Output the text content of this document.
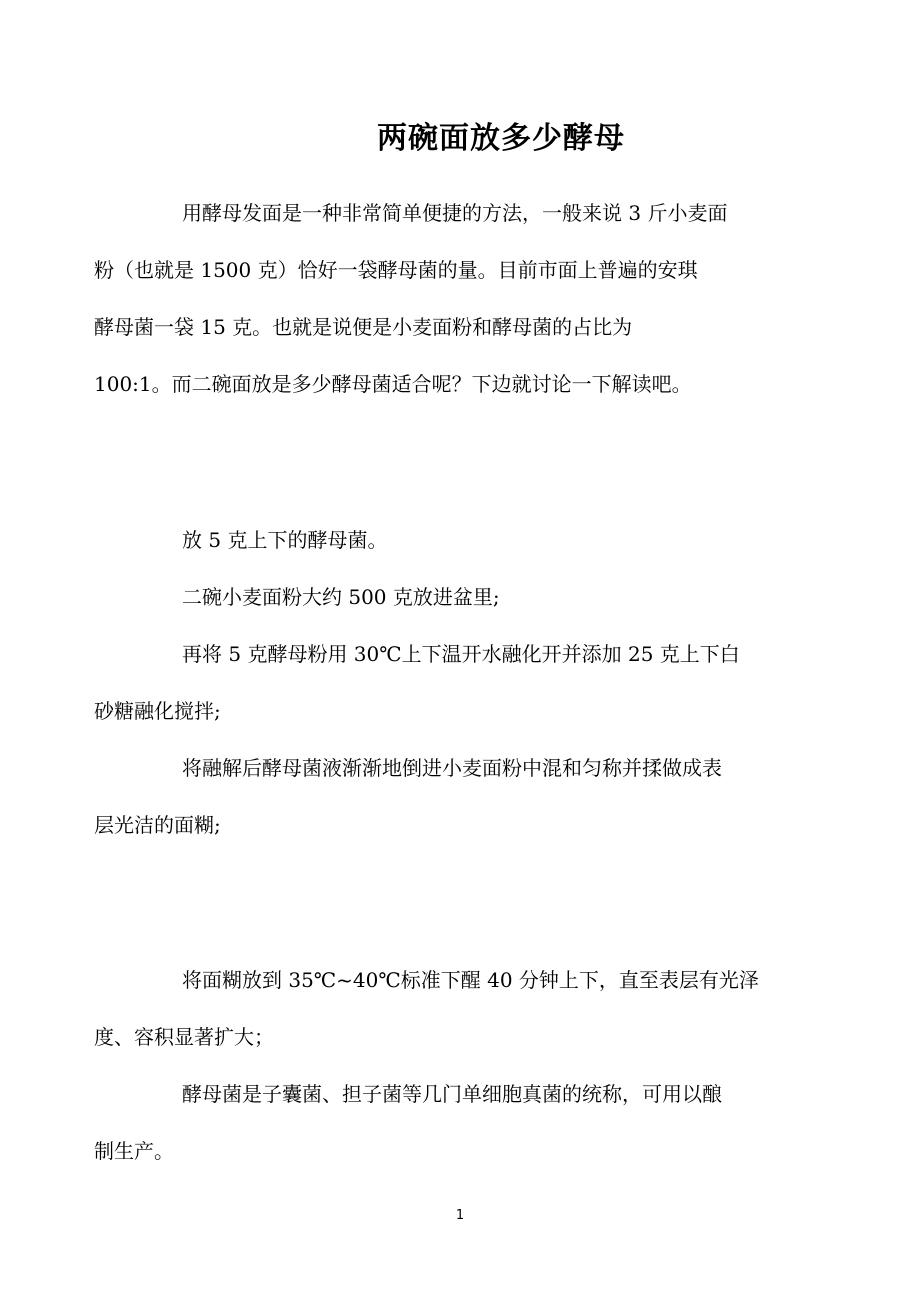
两碗面放多少酵母
用酵母发面是一种非常简单便捷的方法，一般来说 3 斤小麦面
粉（也就是 1500 克）恰好一袋酵母菌的量。目前市面上普遍的安琪
酵母菌一袋 15 克。也就是说便是小麦面粉和酵母菌的占比为
100:1。而二碗面放是多少酵母菌适合呢？下边就讨论一下解读吧。
放 5 克上下的酵母菌。
二碗小麦面粉大约 500 克放进盆里;
再将 5 克酵母粉用 30℃上下温开水融化开并添加 25 克上下白
砂糖融化搅拌;
将融解后酵母菌液渐渐地倒进小麦面粉中混和匀称并揉做成表
层光洁的面糊;
将面糊放到 35℃~40℃标准下醒 40 分钟上下，直至表层有光泽
度、容积显著扩大；
酵母菌是子囊菌、担子菌等几门单细胞真菌的统称，可用以酿
制生产。
1
